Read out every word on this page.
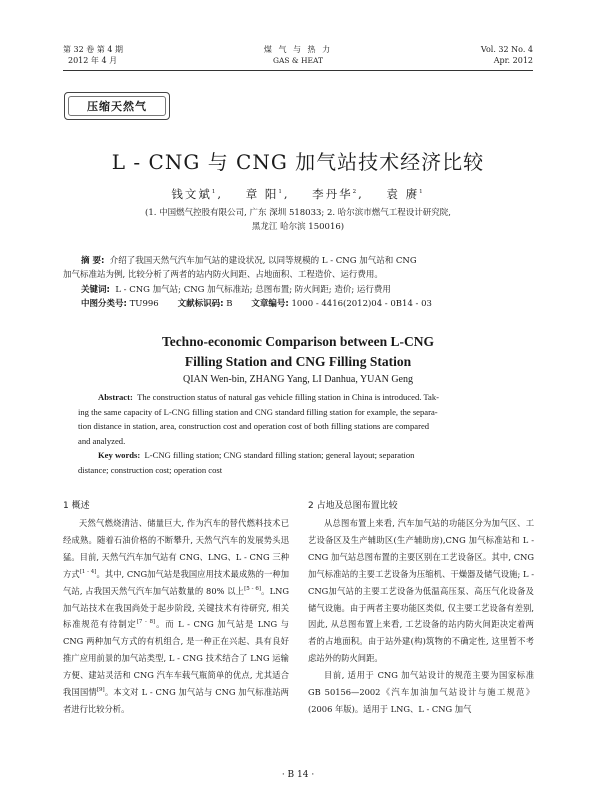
第 32 卷 第 4 期
2012 年 4 月
煤 气 与 热 力
GAS & HEAT
Vol. 32 No. 4
Apr. 2012
压缩天然气
L - CNG 与 CNG 加气站技术经济比较
钱文斌$^1$,    章 阳$^1$,    李丹华$^2$,    袁 赓$^1$
(1. 中国燃气控股有限公司, 广东 深圳 518033; 2. 哈尔滨市燃气工程设计研究院,
黑龙江 哈尔滨 150016)
摘 要: 介绍了我国天然气汽车加气站的建设状况, 以同等规模的 L - CNG 加气站和 CNG
加气标准站为例, 比较分析了两者的站内防火间距、占地面积、工程造价、运行费用。
关键词: L - CNG 加气站; CNG 加气标准站; 总图布置; 防火间距; 造价; 运行费用
中图分类号: TU996 文献标识码: B 文章编号: 1000 - 4416(2012)04 - 0B14 - 03
Techno-economic Comparison between L-CNG
Filling Station and CNG Filling Station
QIAN Wen-bin, ZHANG Yang, LI Danhua, YUAN Geng
Abstract: The construction status of natural gas vehicle filling station in China is introduced. Tak-
ing the same capacity of L-CNG filling station and CNG standard filling station for example, the separa-
tion distance in station, area, construction cost and operation cost of both filling stations are compared
and analyzed.
Key words: L-CNG filling station; CNG standard filling station; general layout; separation
distance; construction cost; operation cost
1 概述

天然气燃烧清洁、储量巨大, 作为汽车的替代燃料技术已经成熟。随着石油价格的不断攀升, 天然气汽车的发展势头迅猛。目前, 天然气汽车加气站有 CNG、LNG、L - CNG 三种方式[1 - 4]。其中, CNG加气站是我国应用技术最成熟的一种加气站, 占我国天然气汽车加气站数量的 80% 以上[5 - 6]。LNG加气站技术在我国尚处于起步阶段, 关键技术有待研究, 相关标准规范有待制定[7 - 8]。而 L - CNG 加气站是 LNG 与 CNG 两种加气方式的有机组合, 是一种正在兴起、具有良好推广应用前景的加气站类型, L - CNG 技术结合了 LNG 运输方便、建站灵活和 CNG 汽车车载气瓶简单的优点, 尤其适合我国国情[9]。本文对 L - CNG 加气站与 CNG 加气标准站两者进行比较分析。

2 占地及总图布置比较

从总图布置上来看, 汽车加气站的功能区分为加气区、工艺设备区及生产辅助区(生产辅助房),CNG 加气标准站和 L - CNG 加气站总图布置的主要区别在工艺设备区。其中, CNG 加气标准站的主要工艺设备为压缩机、干燥器及储气设施; L - CNG加气站的主要工艺设备为低温高压泵、高压气化设备及储气设施。由于两者主要功能区类似, 仅主要工艺设备有差别, 因此, 从总图布置上来看, 工艺设备的站内防火间距决定着两者的占地面积。由于站外建(构)筑物的不确定性, 这里暂不考虑站外的防火间距。

目前, 适用于 CNG 加气站设计的规范主要为国家标准 GB 50156—2002《汽车加油加气站设计与施工规范》(2006 年版)。适用于 LNG、L - CNG 加气

· B 14 ·
